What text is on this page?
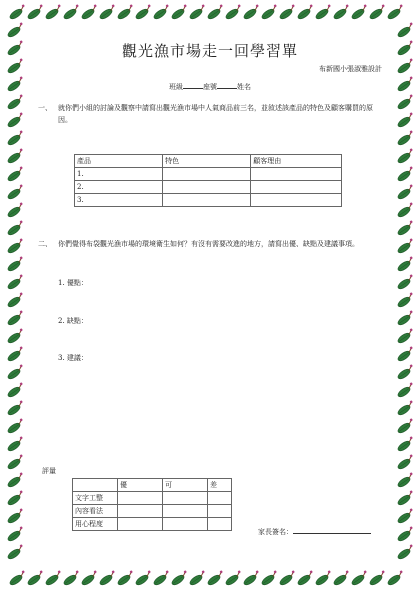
觀光漁市場走一回學習單
布新國小張淑雅設計
班級	座號	姓名
一、 就你們小組的討論及觀察中請寫出觀光漁市場中人氣商品前三名，並敘述該產品的特色及顧客購買的原因。
產品	特色	顧客理由
1.		
2.		
3.		
二、 你們覺得布袋觀光漁市場的環境衛生如何？有沒有需要改進的地方，請寫出優、缺點及建議事項。
1. 優點：
2. 缺點：
3. 建議：
評量
	優	可	差
文字工整			
內容看法			
用心程度			
家長簽名：
